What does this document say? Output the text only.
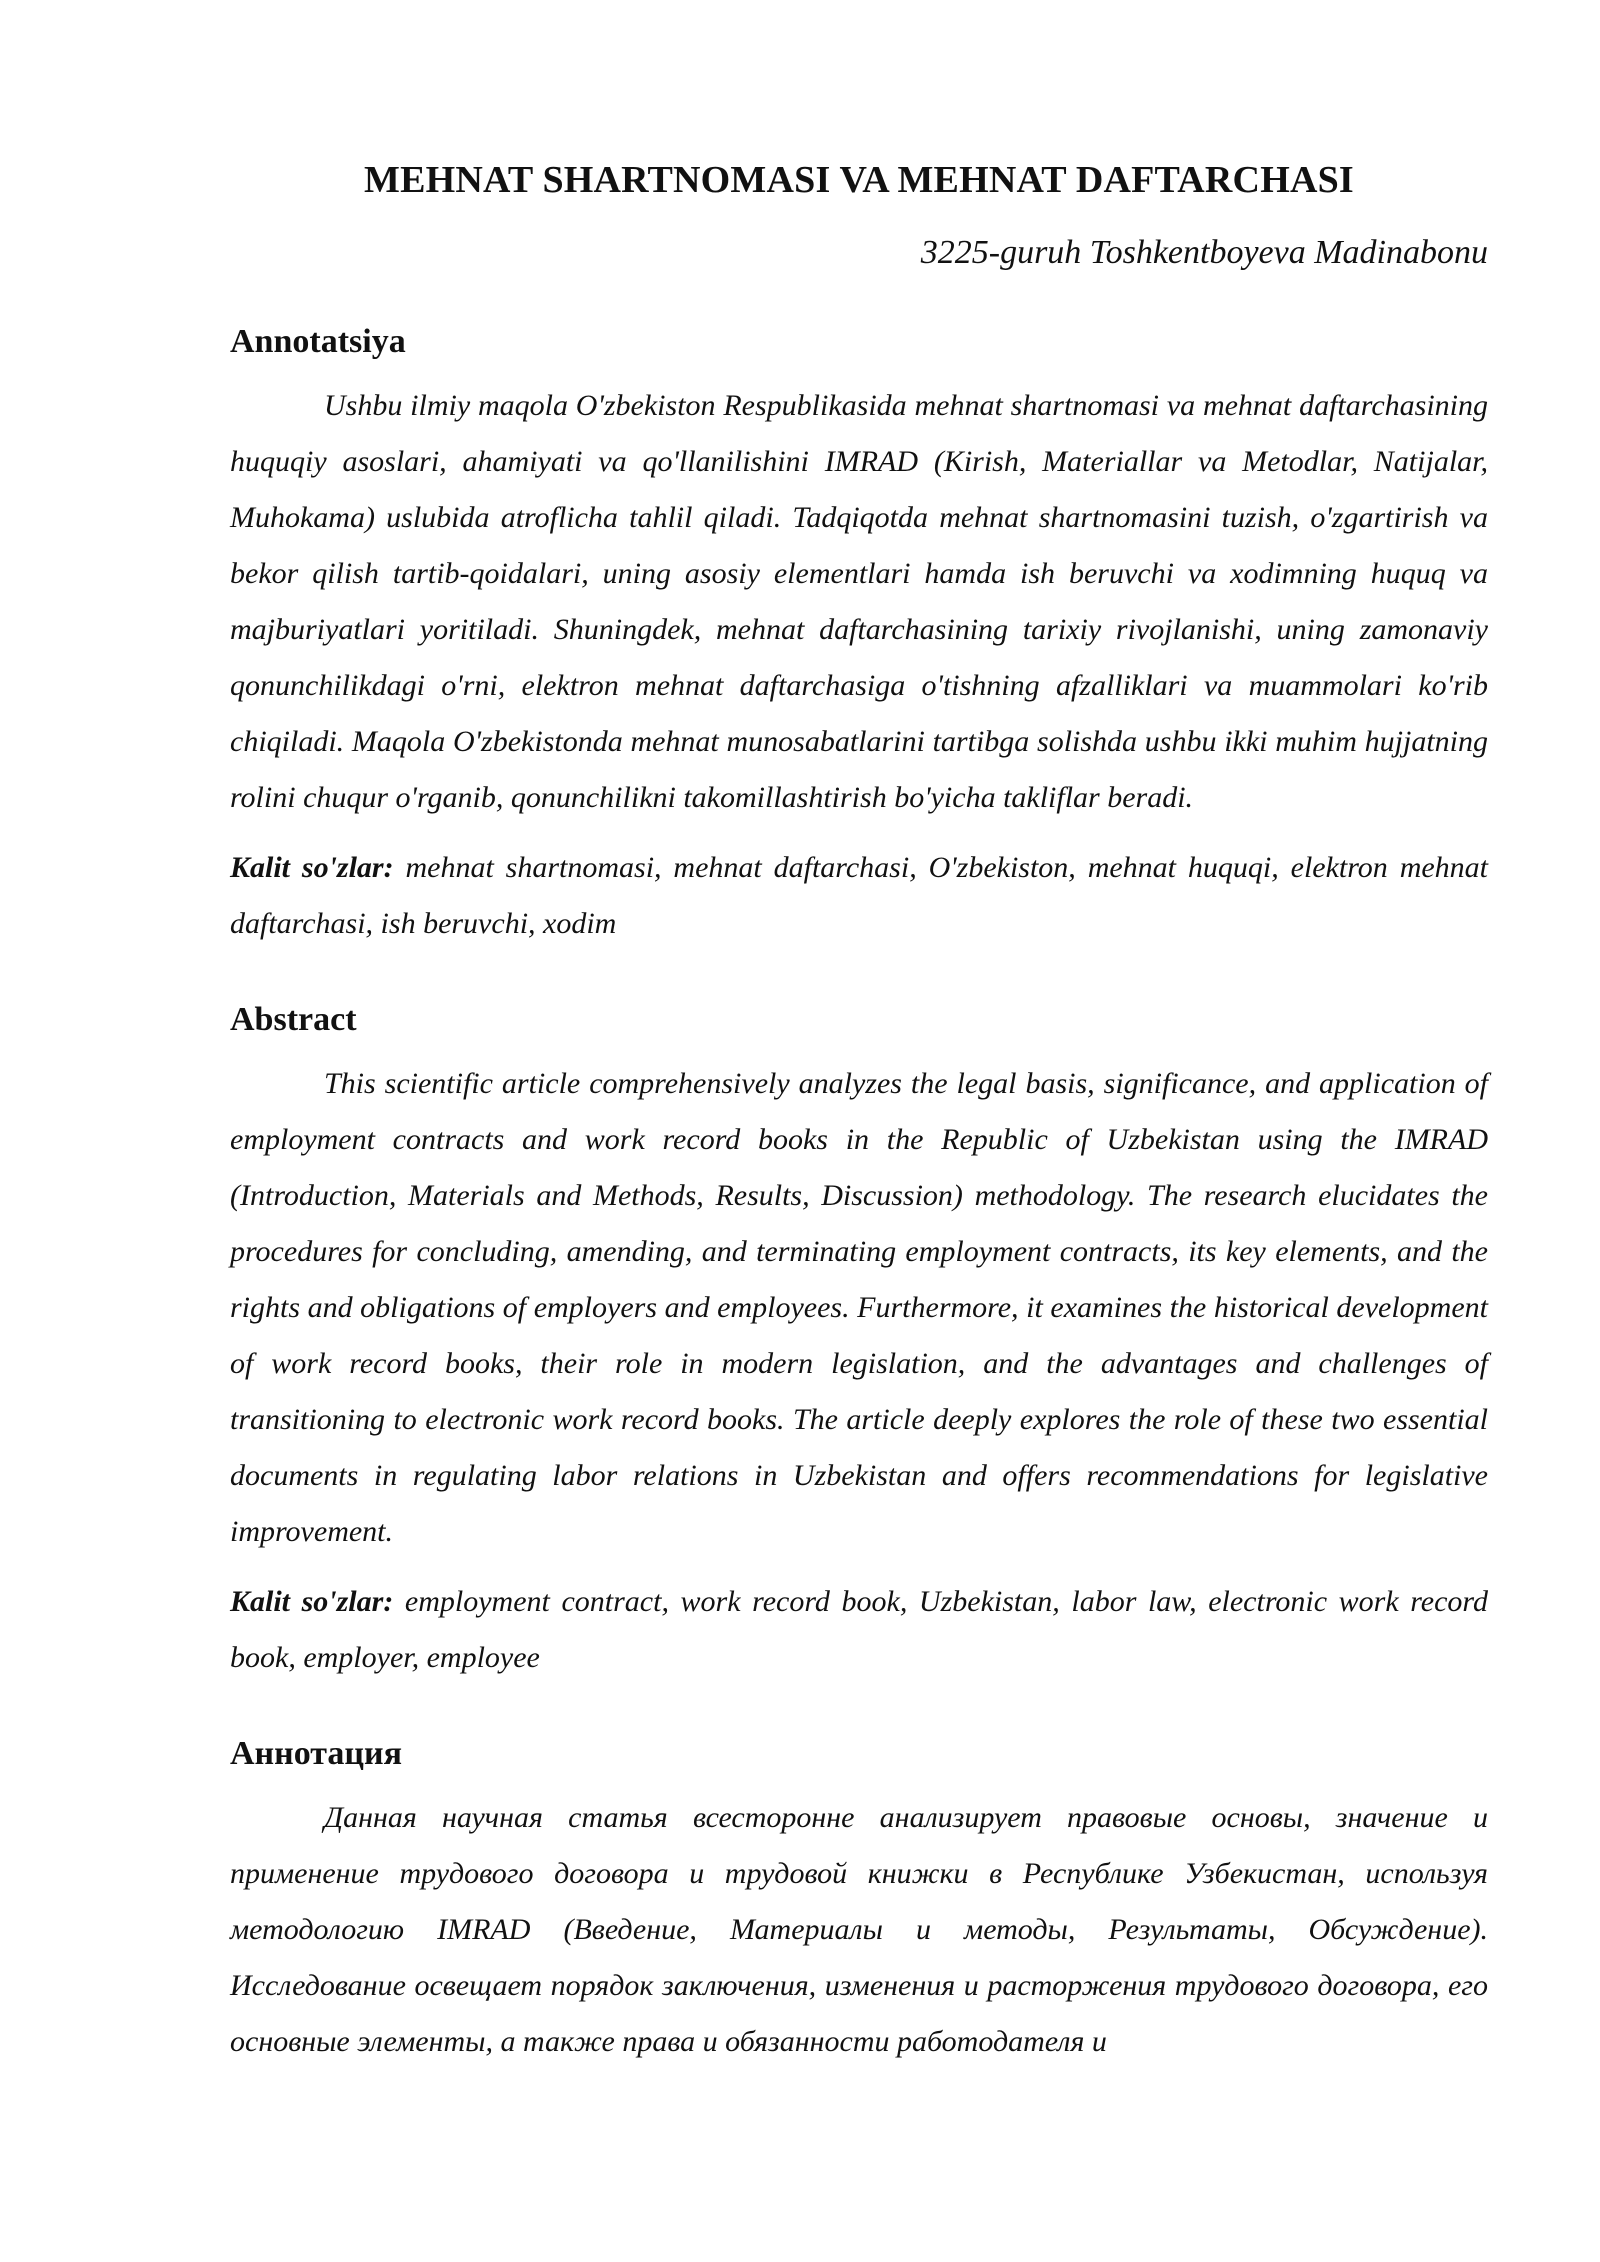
MEHNAT SHARTNOMASI VA MEHNAT DAFTARCHASI

3225-guruh Toshkentboyeva Madinabonu

Annotatsiya

Ushbu ilmiy maqola O'zbekiston Respublikasida mehnat shartnomasi va mehnat daftarchasining huquqiy asoslari, ahamiyati va qo'llanilishini IMRAD (Kirish, Materiallar va Metodlar, Natijalar, Muhokama) uslubida atroflicha tahlil qiladi. Tadqiqotda mehnat shartnomasini tuzish, o'zgartirish va bekor qilish tartib-qoidalari, uning asosiy elementlari hamda ish beruvchi va xodimning huquq va majburiyatlari yoritiladi. Shuningdek, mehnat daftarchasining tarixiy rivojlanishi, uning zamonaviy qonunchilikdagi o'rni, elektron mehnat daftarchasiga o'tishning afzalliklari va muammolari ko'rib chiqiladi. Maqola O'zbekistonda mehnat munosabatlarini tartibga solishda ushbu ikki muhim hujjatning rolini chuqur o'rganib, qonunchilikni takomillashtirish bo'yicha takliflar beradi.

Kalit so'zlar: mehnat shartnomasi, mehnat daftarchasi, O'zbekiston, mehnat huquqi, elektron mehnat daftarchasi, ish beruvchi, xodim

Abstract

This scientific article comprehensively analyzes the legal basis, significance, and application of employment contracts and work record books in the Republic of Uzbekistan using the IMRAD (Introduction, Materials and Methods, Results, Discussion) methodology. The research elucidates the procedures for concluding, amending, and terminating employment contracts, its key elements, and the rights and obligations of employers and employees. Furthermore, it examines the historical development of work record books, their role in modern legislation, and the advantages and challenges of transitioning to electronic work record books. The article deeply explores the role of these two essential documents in regulating labor relations in Uzbekistan and offers recommendations for legislative improvement.

Kalit so'zlar: employment contract, work record book, Uzbekistan, labor law, electronic work record book, employer, employee

Аннотация

Данная научная статья всесторонне анализирует правовые основы, значение и применение трудового договора и трудовой книжки в Республике Узбекистан, используя методологию IMRAD (Введение, Материалы и методы, Результаты, Обсуждение). Исследование освещает порядок заключения, изменения и расторжения трудового договора, его основные элементы, а также права и обязанности работодателя и
